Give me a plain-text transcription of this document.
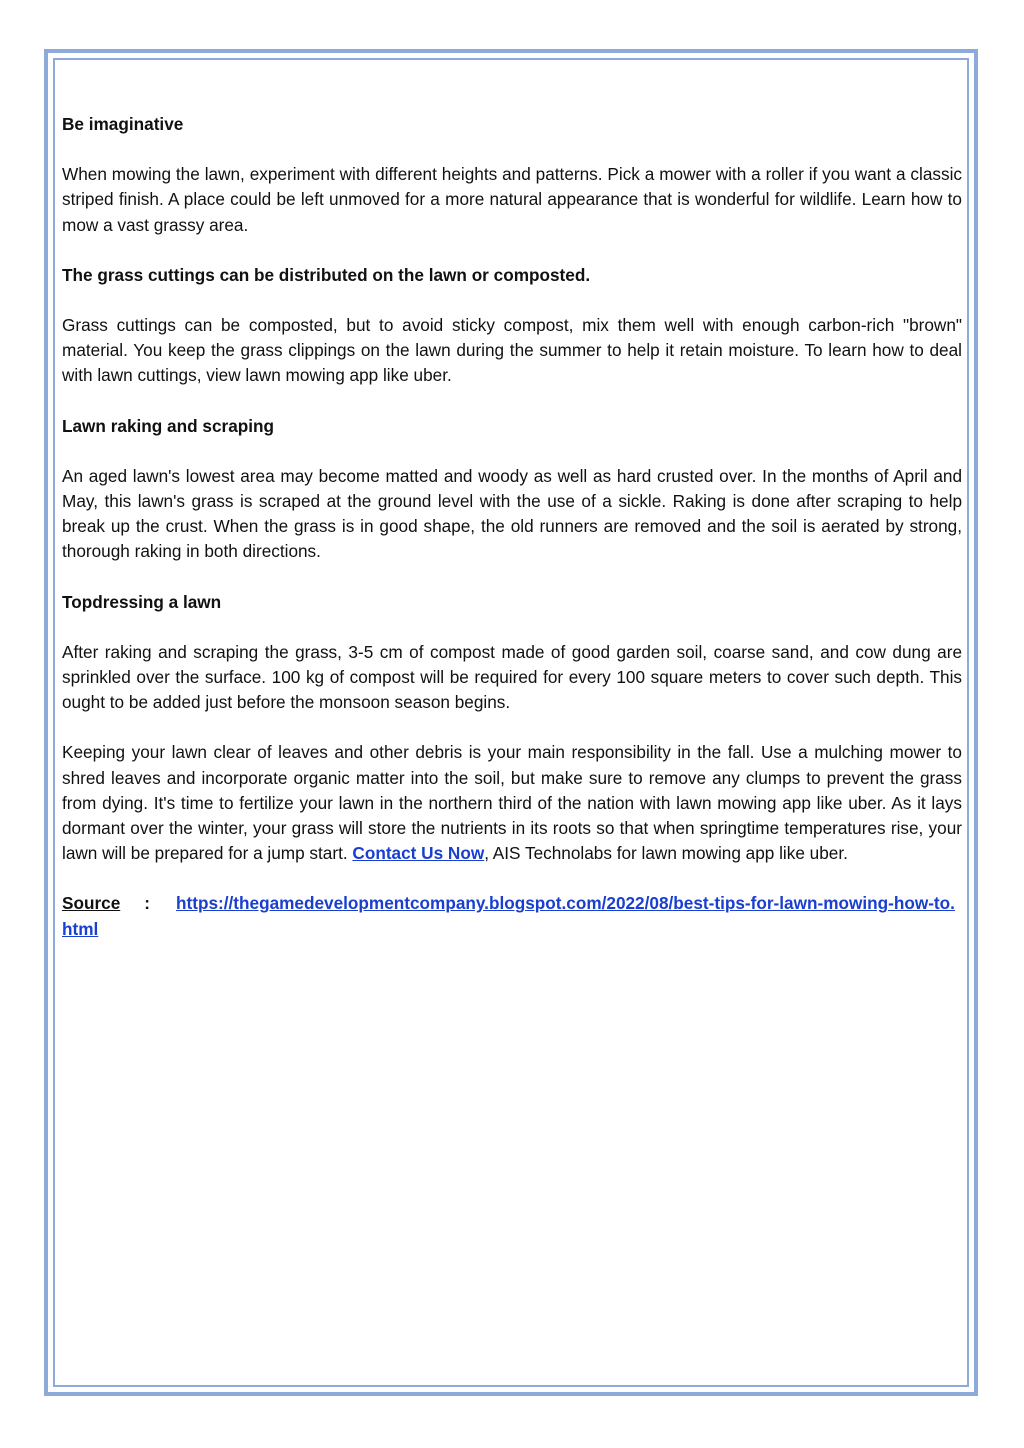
Be imaginative

When mowing the lawn, experiment with different heights and patterns. Pick a mower with a roller if you want a classic striped finish. A place could be left unmoved for a more natural appearance that is wonderful for wildlife. Learn how to mow a vast grassy area.

The grass cuttings can be distributed on the lawn or composted.

Grass cuttings can be composted, but to avoid sticky compost, mix them well with enough carbon-rich "brown" material. You keep the grass clippings on the lawn during the summer to help it retain moisture. To learn how to deal with lawn cuttings, view lawn mowing app like uber.

Lawn raking and scraping

An aged lawn's lowest area may become matted and woody as well as hard crusted over. In the months of April and May, this lawn's grass is scraped at the ground level with the use of a sickle. Raking is done after scraping to help break up the crust. When the grass is in good shape, the old runners are removed and the soil is aerated by strong, thorough raking in both directions.

Topdressing a lawn

After raking and scraping the grass, 3-5 cm of compost made of good garden soil, coarse sand, and cow dung are sprinkled over the surface. 100 kg of compost will be required for every 100 square meters to cover such depth. This ought to be added just before the monsoon season begins.

Keeping your lawn clear of leaves and other debris is your main responsibility in the fall. Use a mulching mower to shred leaves and incorporate organic matter into the soil, but make sure to remove any clumps to prevent the grass from dying. It's time to fertilize your lawn in the northern third of the nation with lawn mowing app like uber. As it lays dormant over the winter, your grass will store the nutrients in its roots so that when springtime temperatures rise, your lawn will be prepared for a jump start. Contact Us Now, AIS Technolabs for lawn mowing app like uber.

Source : https://thegamedevelopmentcompany.blogspot.com/2022/08/best-tips-for-lawn-mowing-how-to.html
